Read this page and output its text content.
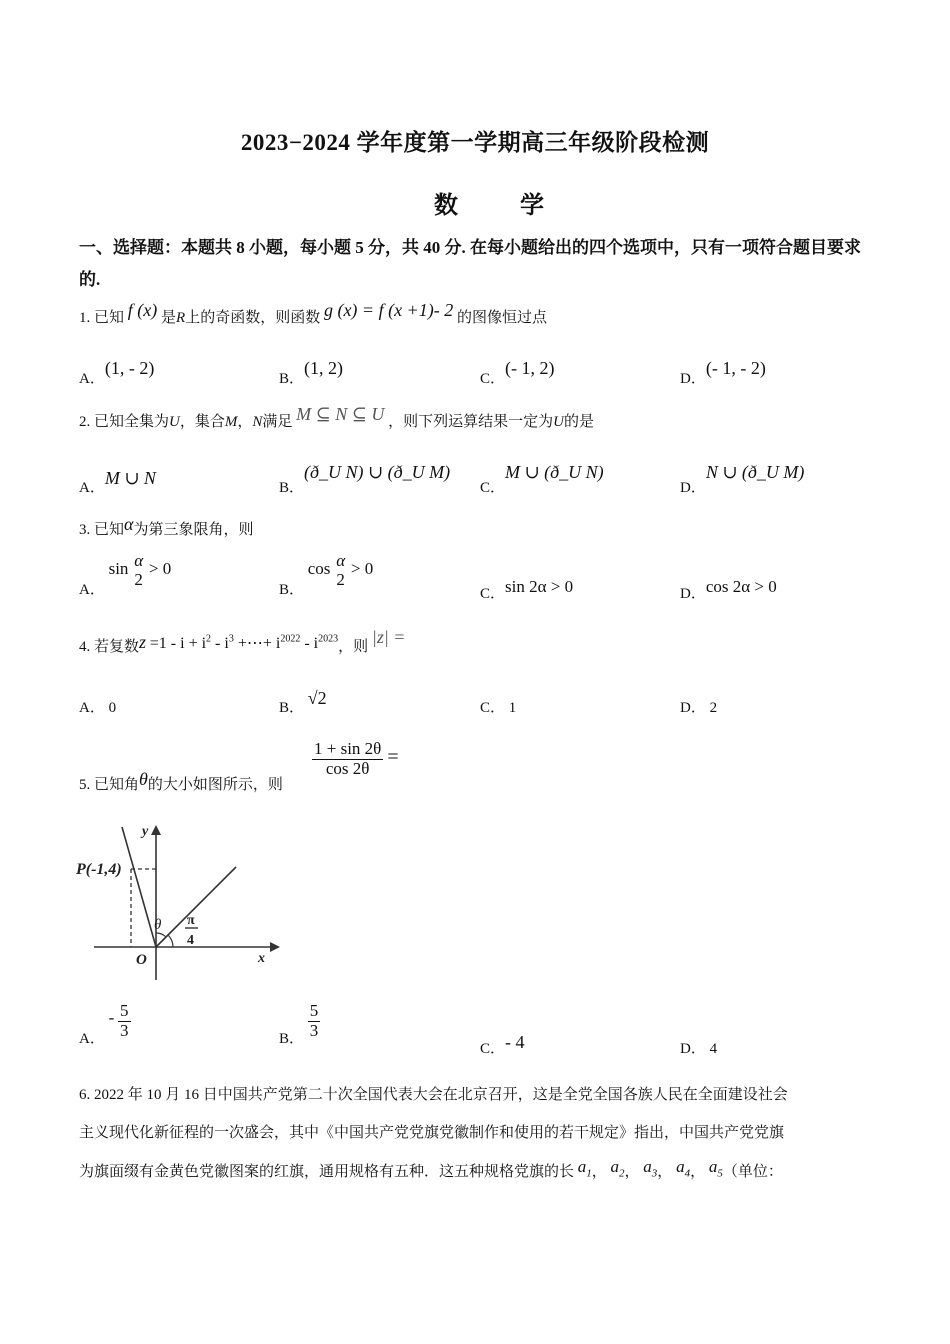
2023−2024 学年度第一学期高三年级阶段检测
数 学
一、选择题：本题共 8 小题，每小题 5 分，共 40 分. 在每小题给出的四个选项中，只有一项符合题目要求的.
1. 已知 f (x) 是R上的奇函数，则函数 g (x) = f (x +1)- 2 的图像恒过点
A．(1, - 2)
B．(1, 2)
C．(- 1, 2)
D．(- 1, - 2)
2. 已知全集为U，集合M，N满足 M ⊆ N ⊆ U ，则下列运算结果一定为U的是
A．M ∪ N	B．(ð_U N) ∪ (ð_U M)
C．M ∪ (ð_U N)
D．N ∪ (ð_U M)
3. 已知α为第三象限角，则
A． sin α
2
> 0
B． cos α
2
> 0
C．sin 2α > 0	D．cos 2α > 0
4. 若复数$z =1 - i + i^2 - i^3$ +⋯+ $i^{2022} - i^{2023}$，则 |z| =
A． 0	B． √2	C． 1	D． 2
5. 已知角θ的大小如图所示，则
$\frac{1 + \sin 2\theta}{\cos 2\theta}$ =
P(-1,4)
y
x
O
θ π
4
A． - $\frac{5}{3}$	B． $\frac{5}{3}$
C．- 4	D． 4
6. 2022 年 10 月 16 日中国共产党第二十次全国代表大会在北京召开，这是全党全国各族人民在全面建设社会
主义现代化新征程的一次盛会，其中《中国共产党党旗党徽制作和使用的若干规定》指出，中国共产党党旗
为旗面缀有金黄色党徽图案的红旗，通用规格有五种．这五种规格党旗的长 $a_1$， $a_2$， $a_3$， $a_4$， $a_5$（单位：
